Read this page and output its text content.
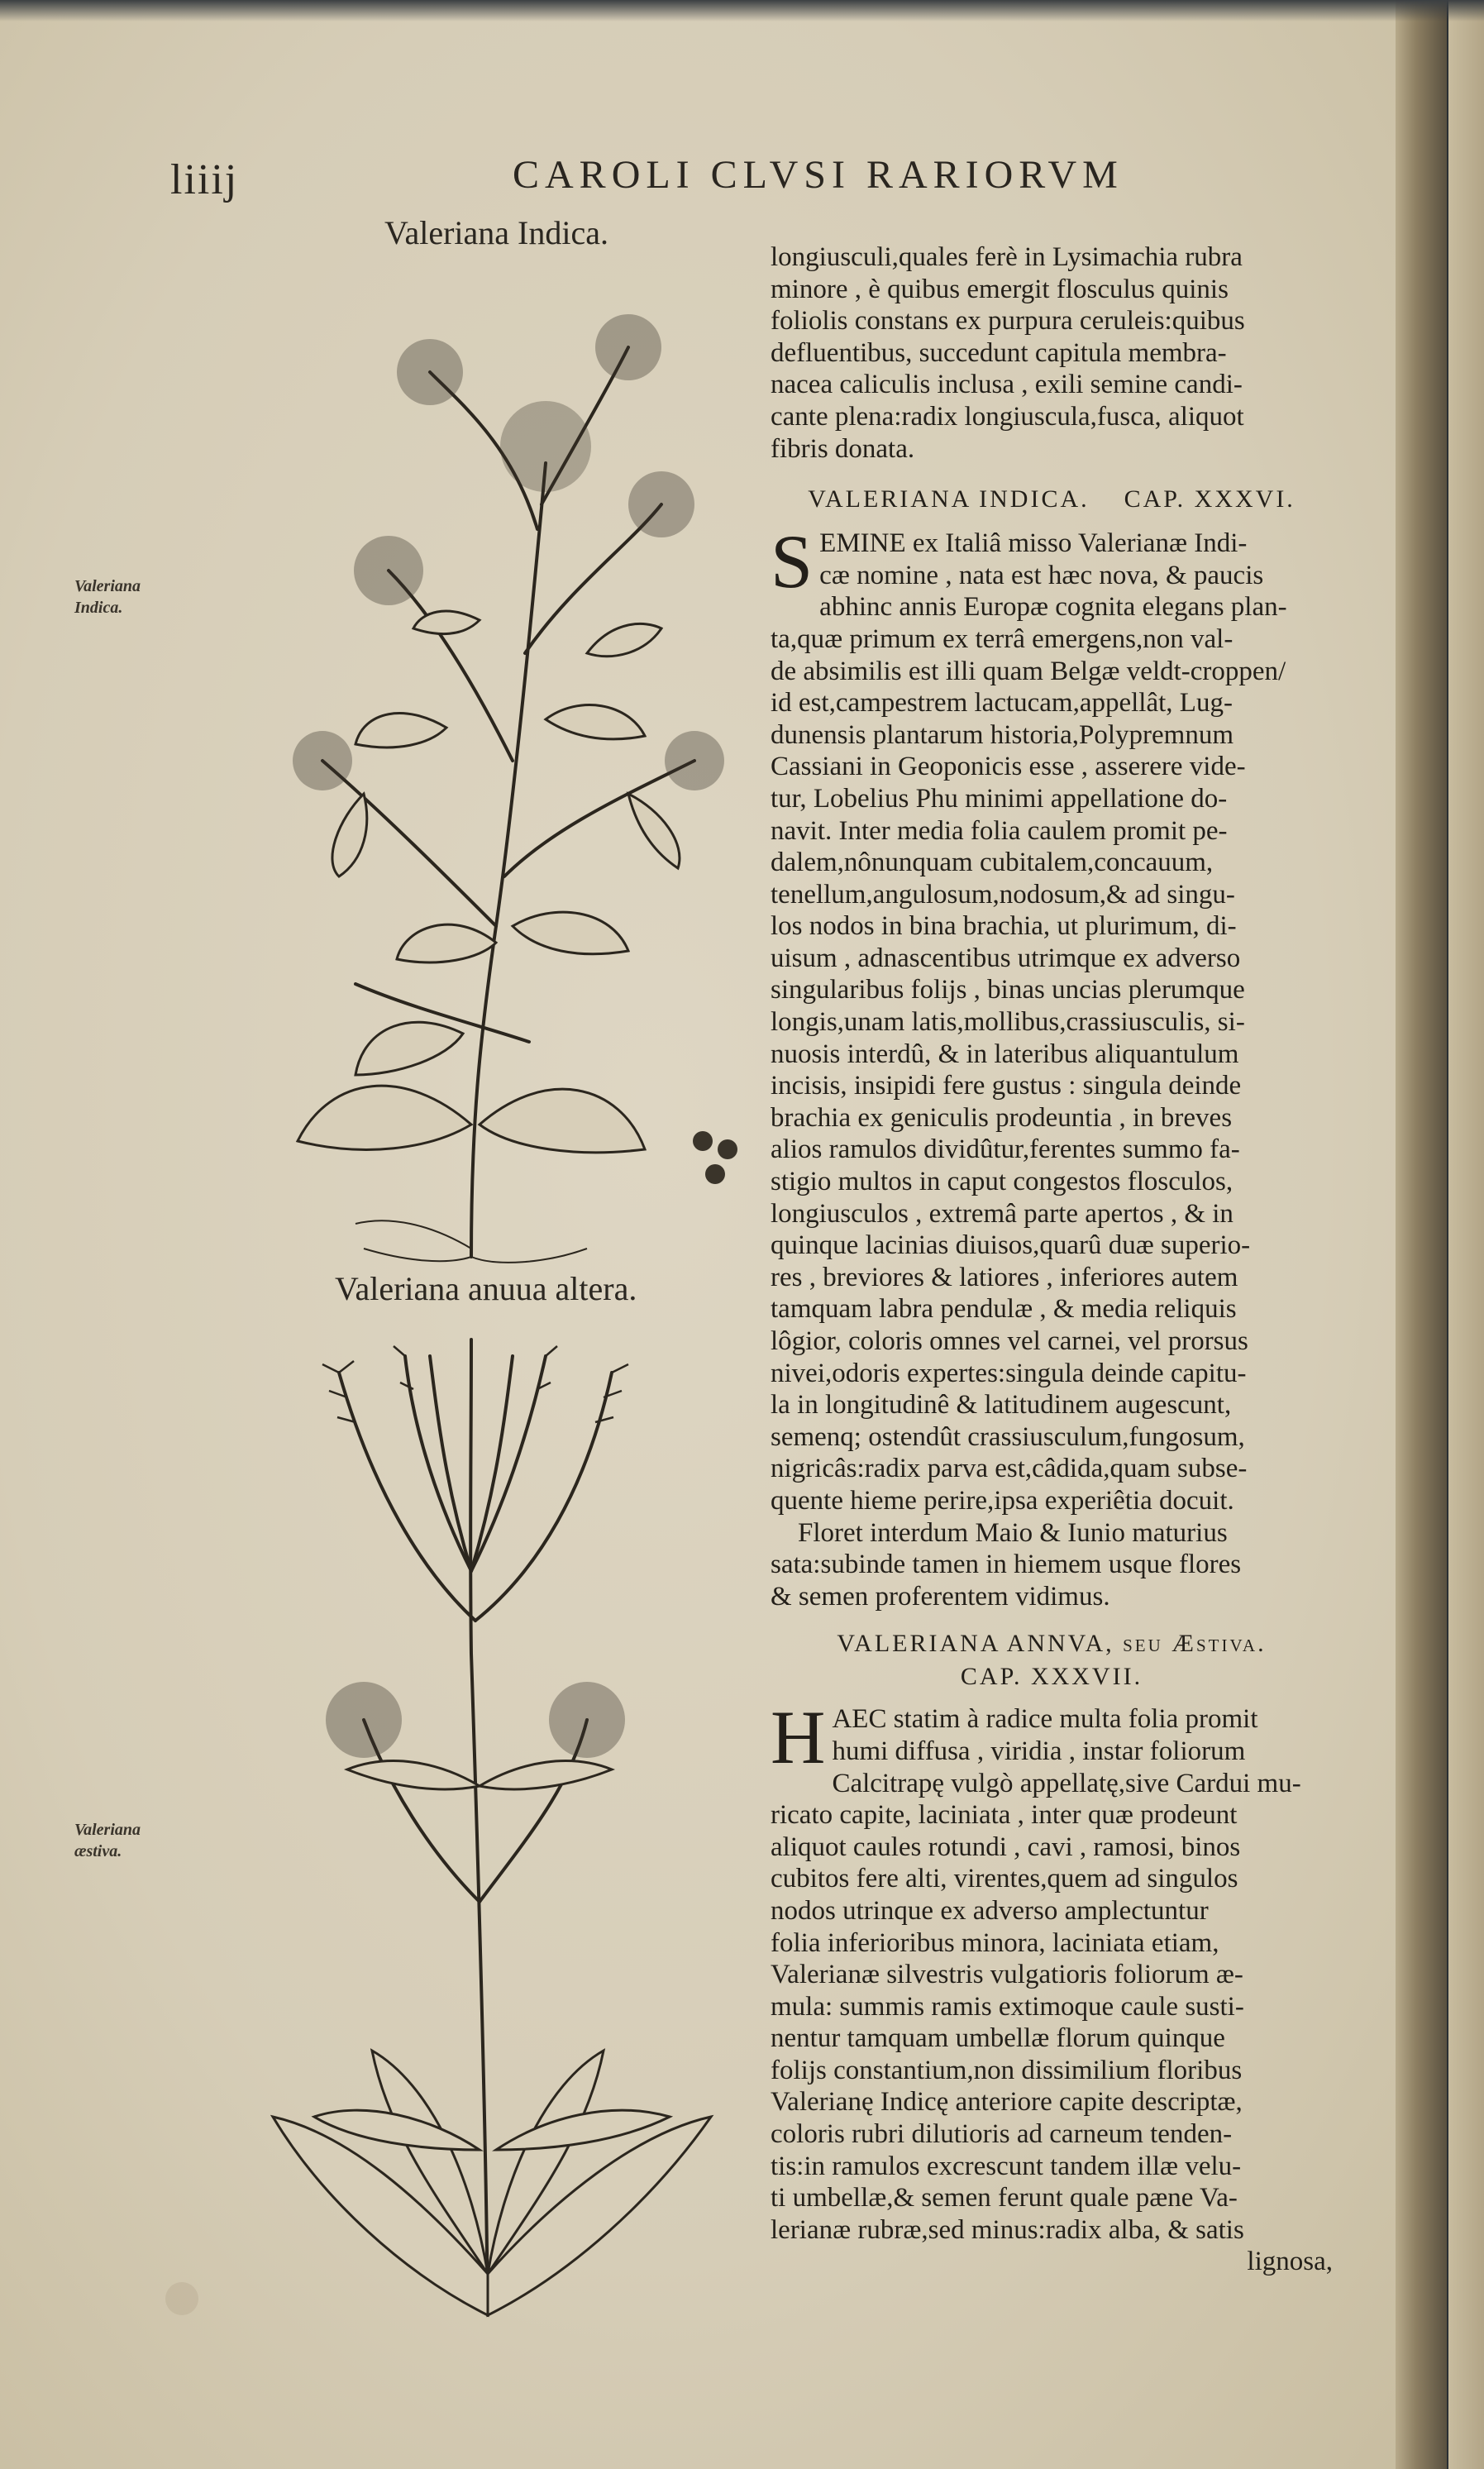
liiij	CAROLI CLVSI RARIORVM
Valeriana Indica.
Valeriana Indica.
Valeriana anuua altera.
Valeriana æstiva.

longiusculi,quales ferè in Lysimachia rubra

minore , è quibus emergit flosculus quinis

foliolis constans ex purpura ceruleis:quibus

defluentibus, succedunt capitula membra-

nacea caliculis inclusa , exili semine candi-

cante plena:radix longiuscula,fusca, aliquot

fibris donata.

VALERIANA INDICA.    CAP. XXXVI.

S EMINE ex Italiâ misso Valerianæ Indi-

cæ nomine , nata est hæc nova, & paucis

abhinc annis Europæ cognita elegans plan-

ta,quæ primum ex terrâ emergens,non val-

de absimilis est illi quam Belgæ veldt-croppen/

id est,campestrem lactucam,appellât, Lug-

dunensis plantarum historia,Polypremnum

Cassiani in Geoponicis esse , asserere vide-

tur, Lobelius Phu minimi appellatione do-

navit. Inter media folia caulem promit pe-

dalem,nônunquam cubitalem,concauum,

tenellum,angulosum,nodosum,& ad singu-

los nodos in bina brachia, ut plurimum, di-

uisum , adnascentibus utrimque ex adverso

singularibus folijs , binas uncias plerumque

longis,unam latis,mollibus,crassiusculis, si-

nuosis interdû, & in lateribus aliquantulum

incisis, insipidi fere gustus : singula deinde

brachia ex geniculis prodeuntia , in breves

alios ramulos dividûtur,ferentes summo fa-

stigio multos in caput congestos flosculos,

longiusculos , extremâ parte apertos , & in

quinque lacinias diuisos,quarû duæ superio-

res , breviores & latiores , inferiores autem

tamquam labra pendulæ , & media reliquis

lôgior, coloris omnes vel carnei, vel prorsus

nivei,odoris expertes:singula deinde capitu-

la in longitudinê & latitudinem augescunt,

semenq; ostendût crassiusculum,fungosum,

nigricâs:radix parva est,câdida,quam subse-

quente hieme perire,ipsa experiêtia docuit.

Floret interdum Maio & Iunio maturius

sata:subinde tamen in hiemem usque flores

& semen proferentem vidimus.

VALERIANA ANNVA, seu Æstiva.

CAP. XXXVII.

H AEC statim à radice multa folia promit

humi diffusa , viridia , instar foliorum

Calcitrapę vulgò appellatę,sive Cardui mu-

ricato capite, laciniata , inter quæ prodeunt

aliquot caules rotundi , cavi , ramosi, binos

cubitos fere alti, virentes,quem ad singulos

nodos utrinque ex adverso amplectuntur

folia inferioribus minora, laciniata etiam,

Valerianæ silvestris vulgatioris foliorum æ-

mula: summis ramis extimoque caule susti-

nentur tamquam umbellæ florum quinque

folijs constantium,non dissimilium floribus

Valerianę Indicę anteriore capite descriptæ,

coloris rubri dilutioris ad carneum tenden-

tis:in ramulos excrescunt tandem illæ velu-

ti umbellæ,& semen ferunt quale pæne Va-

lerianæ rubræ,sed minus:radix alba, & satis

lignosa,
